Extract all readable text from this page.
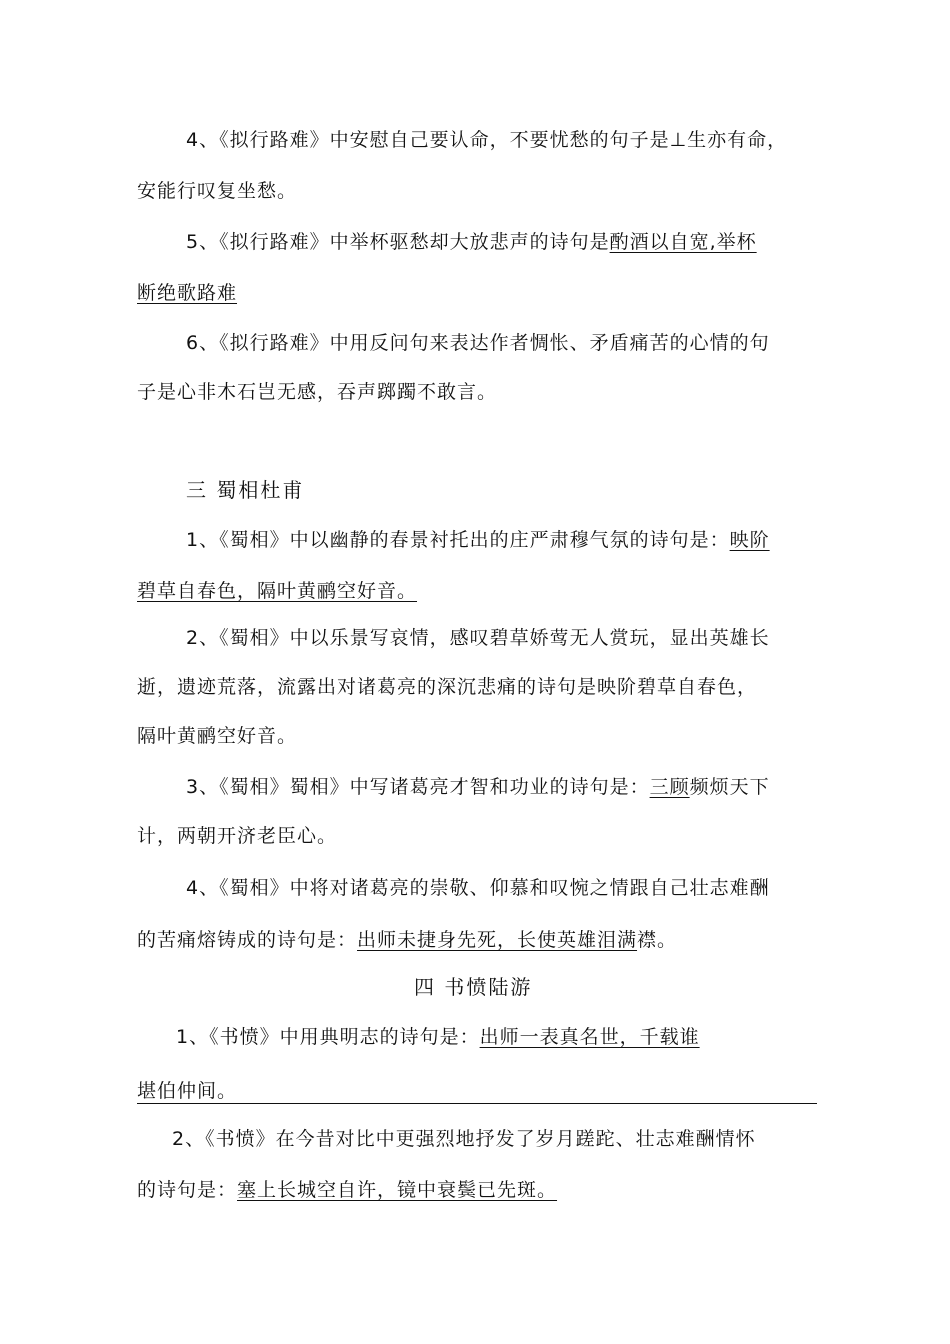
4、《拟行路难》中安慰自己要认命，不要忧愁的句子是⊥生亦有命，
安能行叹复坐愁。
5、《拟行路难》中举杯驱愁却大放悲声的诗句是酌酒以自宽,举杯
断绝歌路难
6、《拟行路难》中用反问句来表达作者惆怅、矛盾痛苦的心情的句
子是心非木石岂无感，吞声踯躅不敢言。
三 蜀相杜甫
1、《蜀相》中以幽静的春景衬托出的庄严肃穆气氛的诗句是：映阶
碧草自春色，隔叶黄鹂空好音。
2、《蜀相》中以乐景写哀情，感叹碧草娇莺无人赏玩，显出英雄长
逝，遗迹荒落，流露出对诸葛亮的深沉悲痛的诗句是映阶碧草自春色，
隔叶黄鹂空好音。
3、《蜀相》蜀相》中写诸葛亮才智和功业的诗句是：三顾频烦天下
计，两朝开济老臣心。
4、《蜀相》中将对诸葛亮的崇敬、仰慕和叹惋之情跟自己壮志难酬
的苦痛熔铸成的诗句是：出师未捷身先死，长使英雄泪满襟。
四 书愤陆游
1、《书愤》中用典明志的诗句是：出师一表真名世，千载谁
堪伯仲间。
2、《书愤》在今昔对比中更强烈地抒发了岁月蹉跎、壮志难酬情怀
的诗句是：塞上长城空自许，镜中衰鬓已先斑。
